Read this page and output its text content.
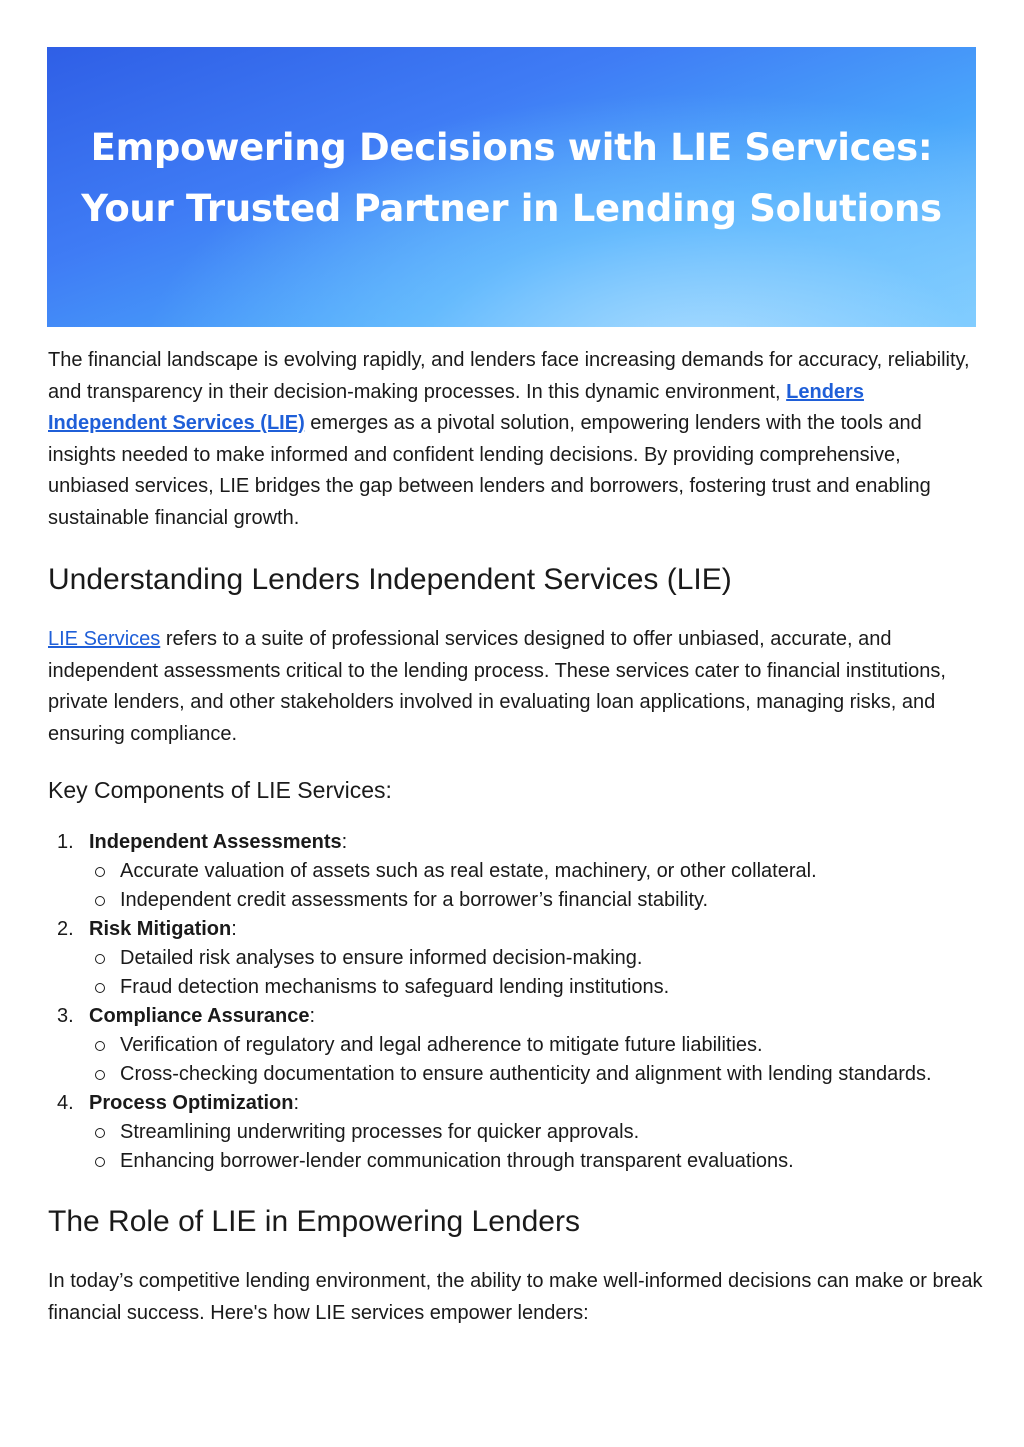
Empowering Decisions with LIE Services:
Your Trusted Partner in Lending Solutions

The financial landscape is evolving rapidly, and lenders face increasing demands for accuracy, reliability, and transparency in their decision-making processes. In this dynamic environment, Lenders Independent Services (LIE) emerges as a pivotal solution, empowering lenders with the tools and insights needed to make informed and confident lending decisions. By providing comprehensive, unbiased services, LIE bridges the gap between lenders and borrowers, fostering trust and enabling sustainable financial growth.

Understanding Lenders Independent Services (LIE)

LIE Services refers to a suite of professional services designed to offer unbiased, accurate, and independent assessments critical to the lending process. These services cater to financial institutions, private lenders, and other stakeholders involved in evaluating loan applications, managing risks, and ensuring compliance.

Key Components of LIE Services:
1. Independent Assessments:
Accurate valuation of assets such as real estate, machinery, or other collateral.
Independent credit assessments for a borrower’s financial stability.
2. Risk Mitigation:
Detailed risk analyses to ensure informed decision-making.
Fraud detection mechanisms to safeguard lending institutions.
3. Compliance Assurance:
Verification of regulatory and legal adherence to mitigate future liabilities.
Cross-checking documentation to ensure authenticity and alignment with lending standards.
4. Process Optimization:
Streamlining underwriting processes for quicker approvals.
Enhancing borrower-lender communication through transparent evaluations.
The Role of LIE in Empowering Lenders

In today’s competitive lending environment, the ability to make well-informed decisions can make or break financial success. Here's how LIE services empower lenders:
